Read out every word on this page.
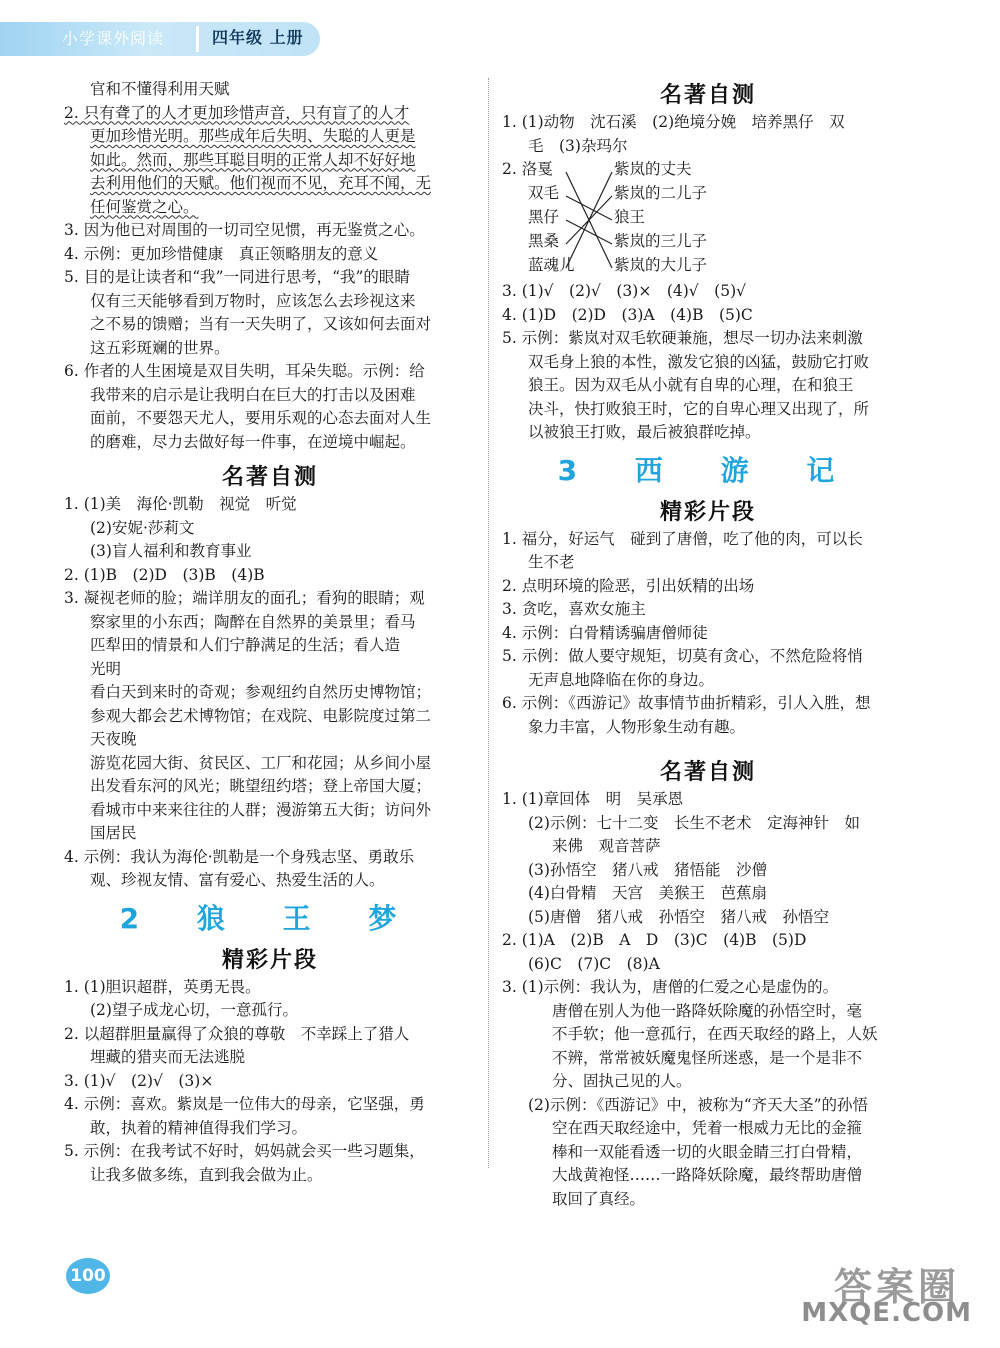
小学课外阅读	四年级 上册
官和不懂得利用天赋
2. 只有聋了的人才更加珍惜声音，只有盲了的人才
更加珍惜光明。那些成年后失明、失聪的人更是
如此。然而，那些耳聪目明的正常人却不好好地
去利用他们的天赋。他们视而不见，充耳不闻，无
任何鉴赏之心。
3. 因为他已对周围的一切司空见惯，再无鉴赏之心。
4. 示例：更加珍惜健康　真正领略朋友的意义
5. 目的是让读者和“我”一同进行思考，“我”的眼睛
仅有三天能够看到万物时，应该怎么去珍视这来
之不易的馈赠；当有一天失明了，又该如何去面对
这五彩斑斓的世界。
6. 作者的人生困境是双目失明，耳朵失聪。示例：给
我带来的启示是让我明白在巨大的打击以及困难
面前，不要怨天尤人，要用乐观的心态去面对人生
的磨难，尽力去做好每一件事，在逆境中崛起。
名著自测
1. (1)美　海伦·凯勒　视觉　听觉
(2)安妮·莎莉文
(3)盲人福利和教育事业
2. (1)B　(2)D　(3)B　(4)B
3. 凝视老师的脸；端详朋友的面孔；看狗的眼睛；观
察家里的小东西；陶醉在自然界的美景里；看马
匹犁田的情景和人们宁静满足的生活；看人造
光明
看白天到来时的奇观；参观纽约自然历史博物馆；
参观大都会艺术博物馆；在戏院、电影院度过第二
天夜晚
游览花园大街、贫民区、工厂和花园；从乡间小屋
出发看东河的风光；眺望纽约塔；登上帝国大厦；
看城市中来来往往的人群；漫游第五大街；访问外
国居民
4. 示例：我认为海伦·凯勒是一个身残志坚、勇敢乐
观、珍视友情、富有爱心、热爱生活的人。
2 狼 王 梦
精彩片段
1. (1)胆识超群，英勇无畏。
(2)望子成龙心切，一意孤行。
2. 以超群胆量赢得了众狼的尊敬　不幸踩上了猎人
埋藏的猎夹而无法逃脱
3. (1)√　(2)√　(3)×
4. 示例：喜欢。紫岚是一位伟大的母亲，它坚强，勇
敢，执着的精神值得我们学习。
5. 示例：在我考试不好时，妈妈就会买一些习题集，
让我多做多练，直到我会做为止。
名著自测
1. (1)动物　沈石溪　(2)绝境分娩　培养黑仔　双
毛　(3)杂玛尔
2. 洛戛
双毛
黑仔
黑桑
蓝魂儿
紫岚的丈夫
紫岚的二儿子
狼王
紫岚的三儿子
紫岚的大儿子
3. (1)√　(2)√　(3)×　(4)√　(5)√
4. (1)D　(2)D　(3)A　(4)B　(5)C
5. 示例：紫岚对双毛软硬兼施，想尽一切办法来刺激
双毛身上狼的本性，激发它狼的凶猛，鼓励它打败
狼王。因为双毛从小就有自卑的心理，在和狼王
决斗，快打败狼王时，它的自卑心理又出现了，所
以被狼王打败，最后被狼群吃掉。
3 西 游 记
精彩片段
1. 福分，好运气　碰到了唐僧，吃了他的肉，可以长
生不老
2. 点明环境的险恶，引出妖精的出场
3. 贪吃，喜欢女施主
4. 示例：白骨精诱骗唐僧师徒
5. 示例：做人要守规矩，切莫有贪心，不然危险将悄
无声息地降临在你的身边。
6. 示例：《西游记》故事情节曲折精彩，引人入胜，想
象力丰富，人物形象生动有趣。
名著自测
1. (1)章回体　明　吴承恩
(2)示例：七十二变　长生不老术　定海神针　如
来佛　观音菩萨
(3)孙悟空　猪八戒　猪悟能　沙僧
(4)白骨精　天宫　美猴王　芭蕉扇
(5)唐僧　猪八戒　孙悟空　猪八戒　孙悟空
2. (1)A　(2)B　A　D　(3)C　(4)B　(5)D
(6)C　(7)C　(8)A
3. (1)示例：我认为，唐僧的仁爱之心是虚伪的。
唐僧在别人为他一路降妖除魔的孙悟空时，毫
不手软；他一意孤行，在西天取经的路上，人妖
不辨，常常被妖魔鬼怪所迷惑，是一个是非不
分、固执己见的人。
(2)示例：《西游记》中，被称为“齐天大圣”的孙悟
空在西天取经途中，凭着一根威力无比的金箍
棒和一双能看透一切的火眼金睛三打白骨精，
大战黄袍怪……一路降妖除魔，最终帮助唐僧
取回了真经。
100	答案圈
MXQE.COM
